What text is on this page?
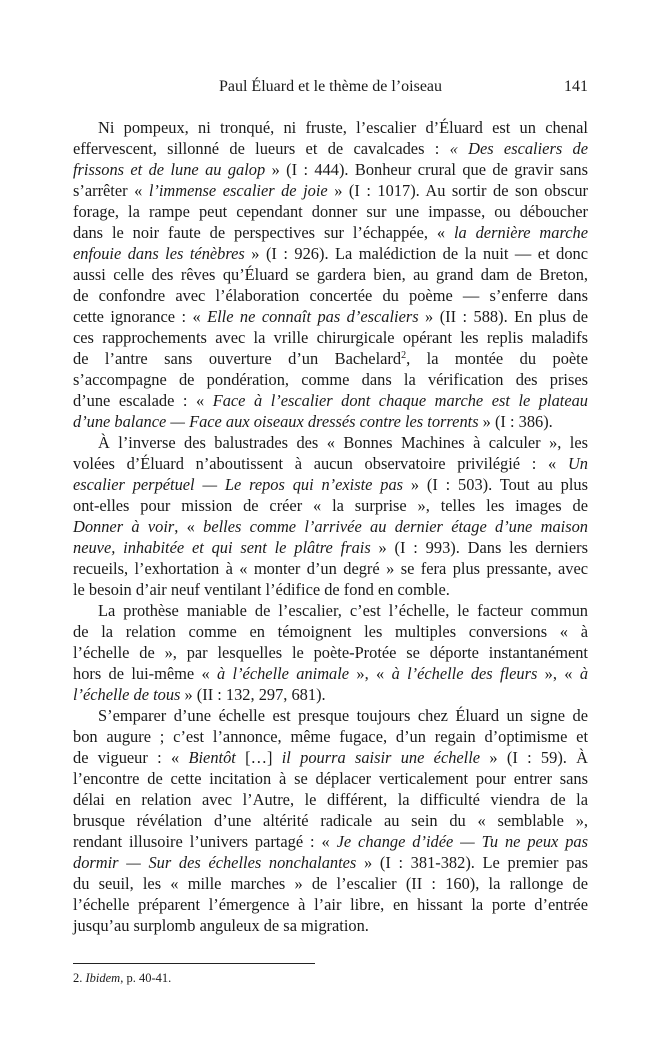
Paul Éluard et le thème de l’oiseau	141
Ni pompeux, ni tronqué, ni fruste, l’escalier d’Éluard est un chenal
effervescent, sillonné de lueurs et de cavalcades : « Des escaliers de
frissons et de lune au galop » (I : 444). Bonheur crural que de gravir sans
s’arrêter « l’immense escalier de joie » (I : 1017). Au sortir de son obscur
forage, la rampe peut cependant donner sur une impasse, ou déboucher
dans le noir faute de perspectives sur l’échappée, « la dernière marche
enfouie dans les ténèbres » (I : 926). La malédiction de la nuit — et donc
aussi celle des rêves qu’Éluard se gardera bien, au grand dam de Breton,
de confondre avec l’élaboration concertée du poème — s’enferre dans
cette ignorance : « Elle ne connaît pas d’escaliers » (II : 588). En plus de
ces rapprochements avec la vrille chirurgicale opérant les replis maladifs
de l’antre sans ouverture d’un Bachelard$^2$, la montée du poète
s’accompagne de pondération, comme dans la vérification des prises
d’une escalade : « Face à l’escalier dont chaque marche est le plateau
d’une balance — Face aux oiseaux dressés contre les torrents » (I : 386).
À l’inverse des balustrades des « Bonnes Machines à calculer », les
volées d’Éluard n’aboutissent à aucun observatoire privilégié : « Un
escalier perpétuel — Le repos qui n’existe pas » (I : 503). Tout au plus
ont-elles pour mission de créer « la surprise », telles les images de
Donner à voir, « belles comme l’arrivée au dernier étage d’une maison
neuve, inhabitée et qui sent le plâtre frais » (I : 993). Dans les derniers
recueils, l’exhortation à « monter d’un degré » se fera plus pressante, avec
le besoin d’air neuf ventilant l’édifice de fond en comble.
La prothèse maniable de l’escalier, c’est l’échelle, le facteur commun
de la relation comme en témoignent les multiples conversions « à
l’échelle de », par lesquelles le poète-Protée se déporte instantanément
hors de lui-même « à l’échelle animale », « à l’échelle des fleurs », « à
l’échelle de tous » (II : 132, 297, 681).
S’emparer d’une échelle est presque toujours chez Éluard un signe de
bon augure ; c’est l’annonce, même fugace, d’un regain d’optimisme et
de vigueur : « Bientôt […] il pourra saisir une échelle » (I : 59). À
l’encontre de cette incitation à se déplacer verticalement pour entrer sans
délai en relation avec l’Autre, le différent, la difficulté viendra de la
brusque révélation d’une altérité radicale au sein du « semblable »,
rendant illusoire l’univers partagé : « Je change d’idée — Tu ne peux pas
dormir — Sur des échelles nonchalantes » (I : 381-382). Le premier pas
du seuil, les « mille marches » de l’escalier (II : 160), la rallonge de
l’échelle préparent l’émergence à l’air libre, en hissant la porte d’entrée
jusqu’au surplomb anguleux de sa migration.
2. Ibidem, p. 40-41.
